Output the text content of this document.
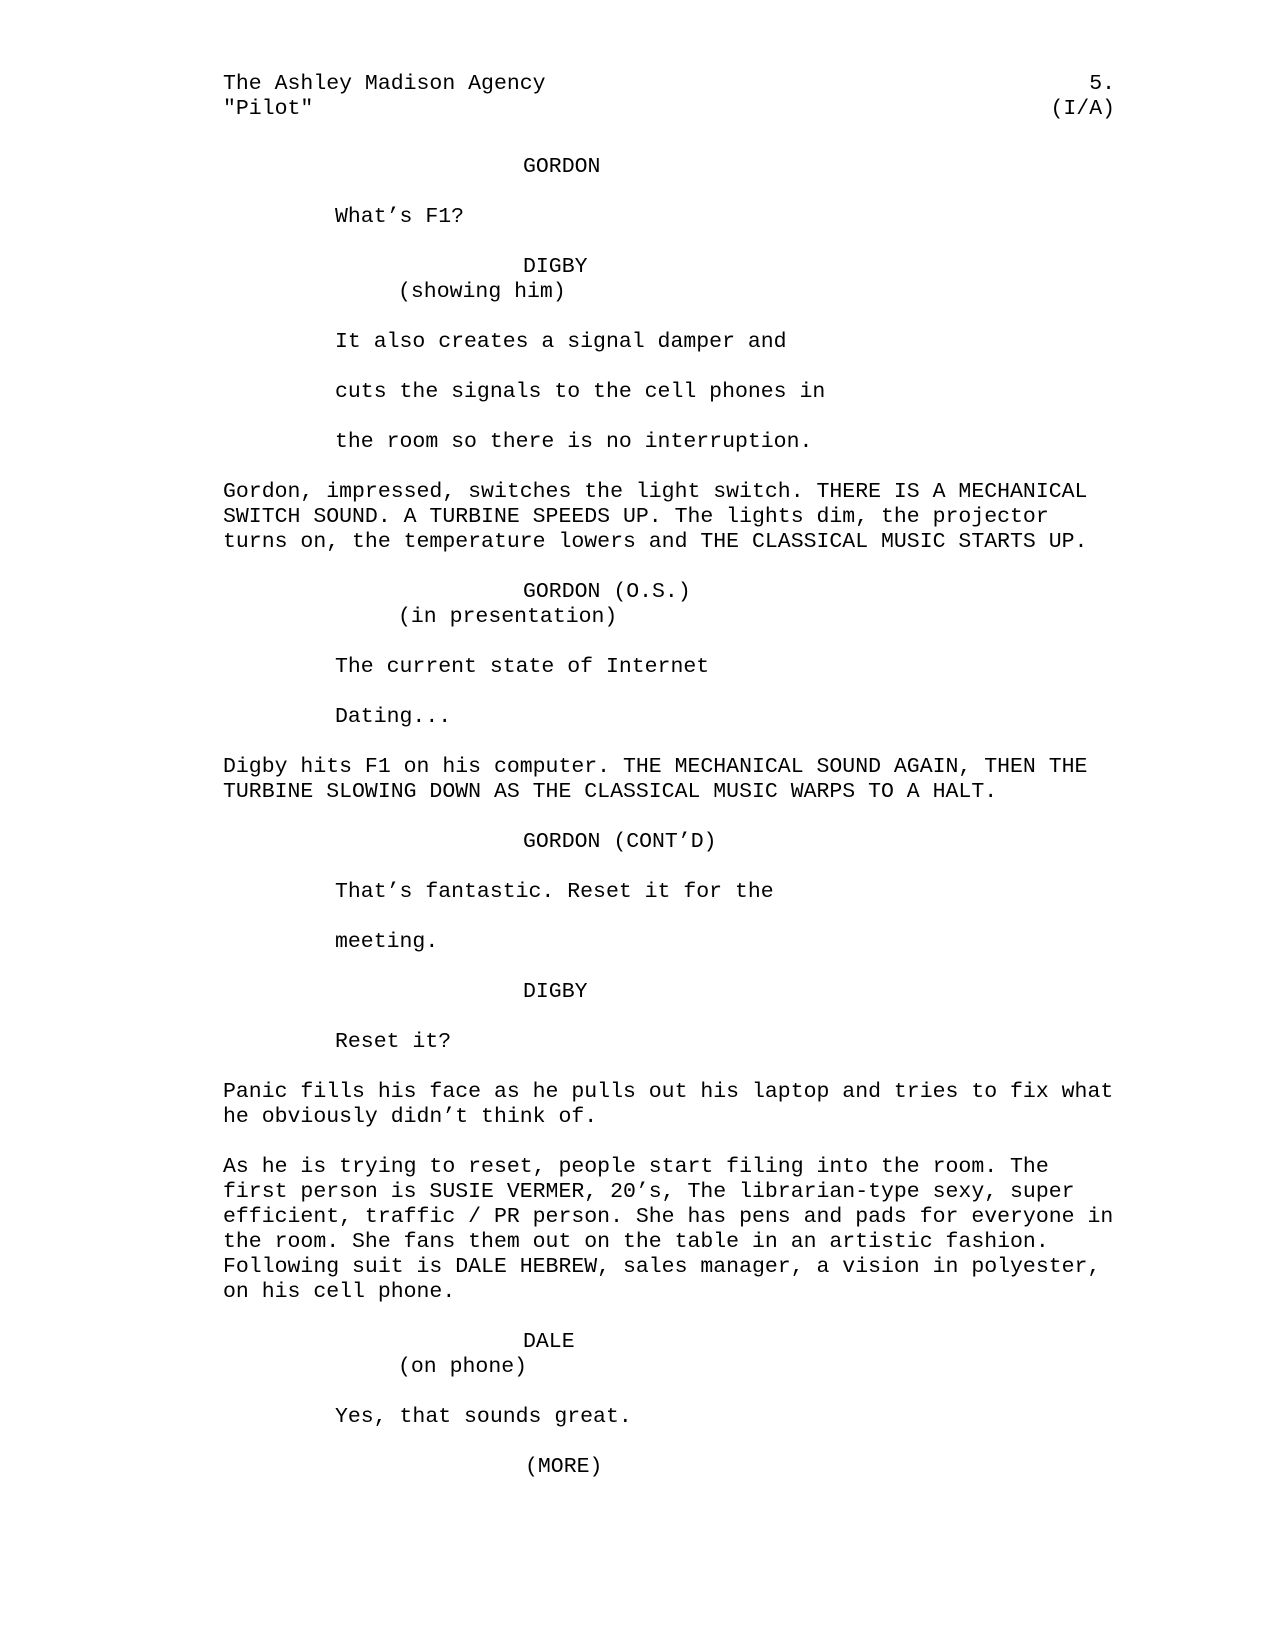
The Ashley Madison Agency
"Pilot"
5.
(I/A)
GORDON
What’s F1?
DIGBY
(showing him)
It also creates a signal damper and
cuts the signals to the cell phones in
the room so there is no interruption.
Gordon, impressed, switches the light switch. THERE IS A MECHANICAL SWITCH SOUND. A TURBINE SPEEDS UP. The lights dim, the projector turns on, the temperature lowers and THE CLASSICAL MUSIC STARTS UP.
GORDON (O.S.)
(in presentation)
The current state of Internet
Dating...
Digby hits F1 on his computer. THE MECHANICAL SOUND AGAIN, THEN THE TURBINE SLOWING DOWN AS THE CLASSICAL MUSIC WARPS TO A HALT.
GORDON (CONT’D)
That’s fantastic. Reset it for the
meeting.
DIGBY
Reset it?
Panic fills his face as he pulls out his laptop and tries to fix what he obviously didn’t think of.
As he is trying to reset, people start filing into the room. The first person is SUSIE VERMER, 20’s, The librarian-type sexy, super efficient, traffic / PR person. She has pens and pads for everyone in the room. She fans them out on the table in an artistic fashion. Following suit is DALE HEBREW, sales manager, a vision in polyester, on his cell phone.
DALE
(on phone)
Yes, that sounds great.
(MORE)
